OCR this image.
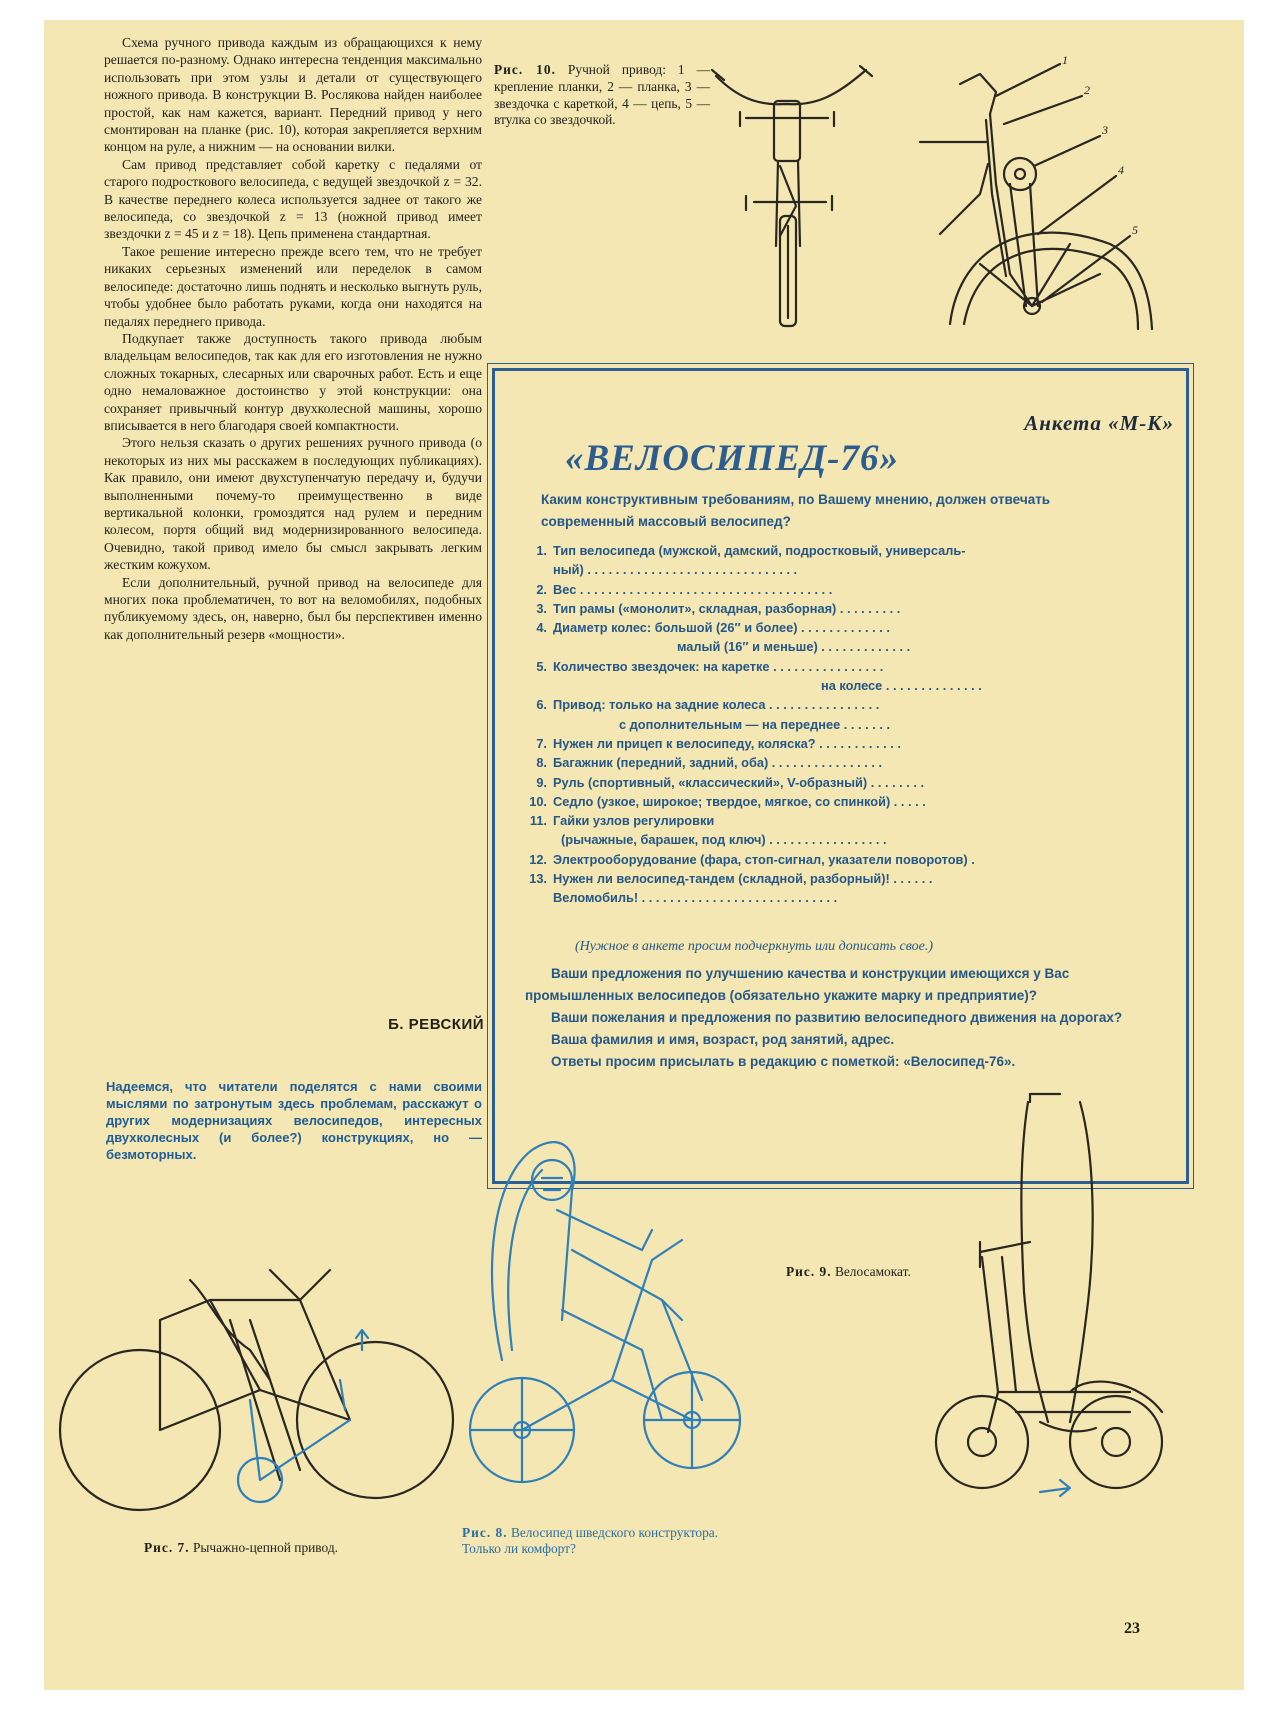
Схема ручного привода каждым из обращающихся к нему решается по-разному. Однако интересна тенденция максимально использовать при этом узлы и детали от существующего ножного привода. В конструкции В. Рослякова найден наиболее простой, как нам кажется, вариант. Передний привод у него смонтирован на планке (рис. 10), которая закрепляется верхним концом на руле, а нижним — на основании вилки.

Сам привод представляет собой каретку с педалями от старого подросткового велосипеда, с ведущей звездочкой z = 32. В качестве переднего колеса используется заднее от такого же велосипеда, со звездочкой z = 13 (ножной привод имеет звездочки z = 45 и z = 18). Цепь применена стандартная.

Такое решение интересно прежде всего тем, что не требует никаких серьезных изменений или переделок в самом велосипеде: достаточно лишь поднять и несколько выгнуть руль, чтобы удобнее было работать руками, когда они находятся на педалях переднего привода.

Подкупает также доступность такого привода любым владельцам велосипедов, так как для его изготовления не нужно сложных токарных, слесарных или сварочных работ. Есть и еще одно немаловажное достоинство у этой конструкции: она сохраняет привычный контур двухколесной машины, хорошо вписывается в него благодаря своей компактности.

Этого нельзя сказать о других решениях ручного привода (о некоторых из них мы расскажем в последующих публикациях). Как правило, они имеют двухступенчатую передачу и, будучи выполненными почему-то преимущественно в виде вертикальной колонки, громоздятся над рулем и передним колесом, портя общий вид модернизированного велосипеда. Очевидно, такой привод имело бы смысл закрывать легким жестким кожухом.

Если дополнительный, ручной привод на велосипеде для многих пока проблематичен, то вот на веломобилях, подобных публикуемому здесь, он, наверно, был бы перспективен именно как дополнительный резерв «мощности».

Б. РЕВСКИЙ
Надеемся, что читатели поделятся с нами своими мыслями по затронутым здесь проблемам, расскажут о других модернизациях велосипедов, интересных двухколесных (и более?) конструкциях, но — безмоторных.
Рис. 10. Ручной привод: 1 — крепление планки, 2 — планка, 3 — звездочка с кареткой, 4 — цепь, 5 — втулка со звездочкой.
1
2
3
4
5
Анкета «М-К»
«ВЕЛОСИПЕД-76»
Каким конструктивным требованиям, по Вашему мнению, должен отвечать современный массовый велосипед?
1. Тип велосипеда (мужской, дамский, подростковый, универсаль-
ный) . . . . . . . . . . . . . . . . . . . . . . . . . . . . . .
2. Вес . . . . . . . . . . . . . . . . . . . . . . . . . . . . . . . . . . . .
3. Тип рамы («монолит», складная, разборная) . . . . . . . . .
4. Диаметр колес: большой (26″ и более) . . . . . . . . . . . . .
малый (16″ и меньше) . . . . . . . . . . . . .
5. Количество звездочек: на каретке . . . . . . . . . . . . . . . .
на колесе . . . . . . . . . . . . . .
6. Привод: только на задние колеса . . . . . . . . . . . . . . . .
с дополнительным — на переднее . . . . . . .
7. Нужен ли прицеп к велосипеду, коляска? . . . . . . . . . . . .
8. Багажник (передний, задний, оба) . . . . . . . . . . . . . . . .
9. Руль (спортивный, «классический», V-образный) . . . . . . . .
10. Седло (узкое, широкое; твердое, мягкое, со спинкой) . . . . .
11. Гайки узлов регулировки
(рычажные, барашек, под ключ) . . . . . . . . . . . . . . . . .
12. Электрооборудование (фара, стоп-сигнал, указатели поворотов) .
13. Нужен ли велосипед-тандем (складной, разборный)! . . . . . .
Веломобиль! . . . . . . . . . . . . . . . . . . . . . . . . . . . .
(Нужное в анкете просим подчеркнуть или дописать свое.)

Ваши предложения по улучшению качества и конструкции имеющихся у Вас промышленных велосипедов (обязательно укажите марку и предприятие)?

Ваши пожелания и предложения по развитию велосипедного движения на дорогах?

Ваша фамилия и имя, возраст, род занятий, адрес.

Ответы просим присылать в редакцию с пометкой: «Велосипед-76».

Рис. 9. Велосамокат.
Рис. 7. Рычажно-цепной привод.
Рис. 8. Велосипед шведского конструктора. Только ли комфорт?
23
